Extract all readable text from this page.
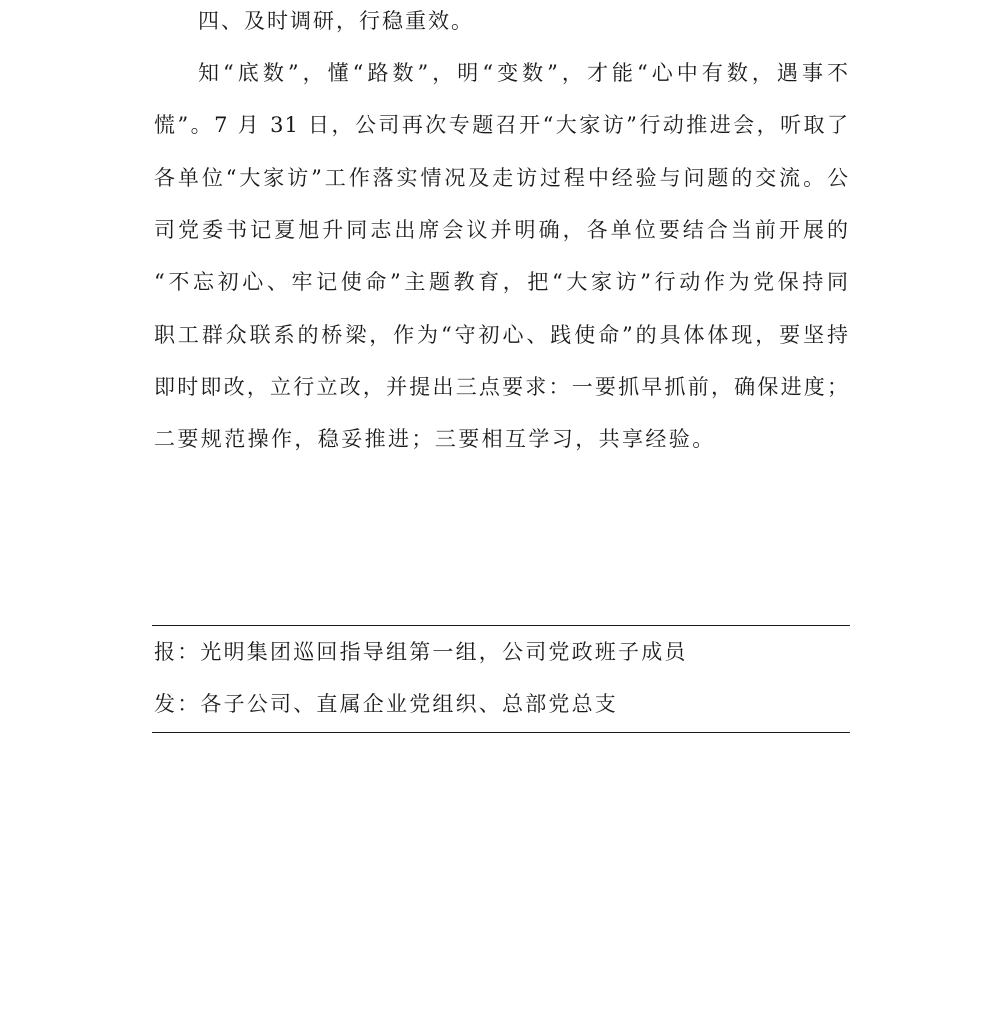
四、及时调研，行稳重效。
知“底数”，懂“路数”，明“变数”，才能“心中有数，遇事不
慌”。7 月 31 日，公司再次专题召开“大家访”行动推进会，听取了
各单位“大家访”工作落实情况及走访过程中经验与问题的交流。公
司党委书记夏旭升同志出席会议并明确，各单位要结合当前开展的
“不忘初心、牢记使命”主题教育，把“大家访”行动作为党保持同
职工群众联系的桥梁，作为“守初心、践使命”的具体体现，要坚持
即时即改，立行立改，并提出三点要求：一要抓早抓前，确保进度；
二要规范操作，稳妥推进；三要相互学习，共享经验。
报：光明集团巡回指导组第一组，公司党政班子成员
发：各子公司、直属企业党组织、总部党总支
